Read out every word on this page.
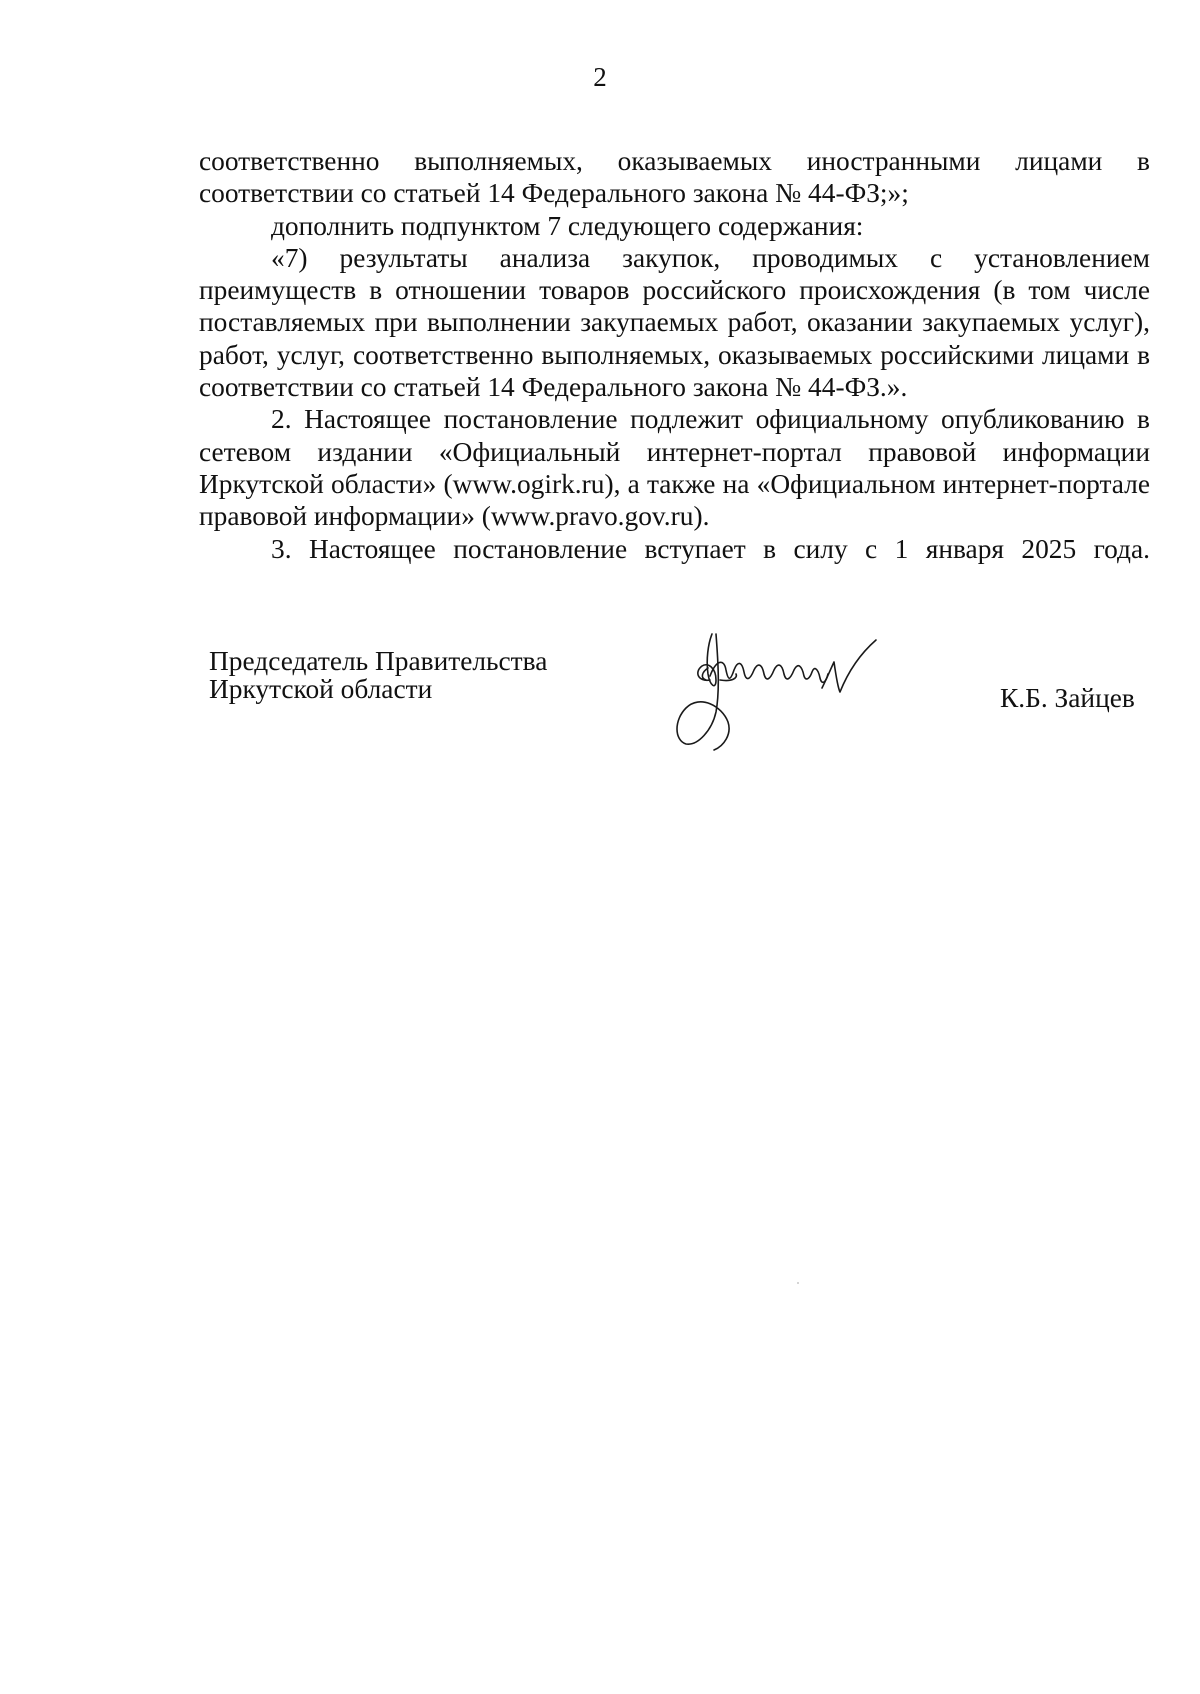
2

соответственно выполняемых, оказываемых иностранными лицами в соответствии со статьей 14 Федерального закона № 44-ФЗ;»;

дополнить подпунктом 7 следующего содержания:

«7) результаты анализа закупок, проводимых с установлением преимуществ в отношении товаров российского происхождения (в том числе поставляемых при выполнении закупаемых работ, оказании закупаемых услуг), работ, услуг, соответственно выполняемых, оказываемых российскими лицами в соответствии со статьей 14 Федерального закона № 44-ФЗ.».

2. Настоящее постановление подлежит официальному опубликованию в сетевом издании «Официальный интернет-портал правовой информации Иркутской области» (www.ogirk.ru), а также на «Официальном интернет-портале правовой информации» (www.pravo.gov.ru).

3. Настоящее постановление вступает в силу с 1 января 2025 года.

Председатель Правительства
Иркутской области	К.Б. Зайцев
